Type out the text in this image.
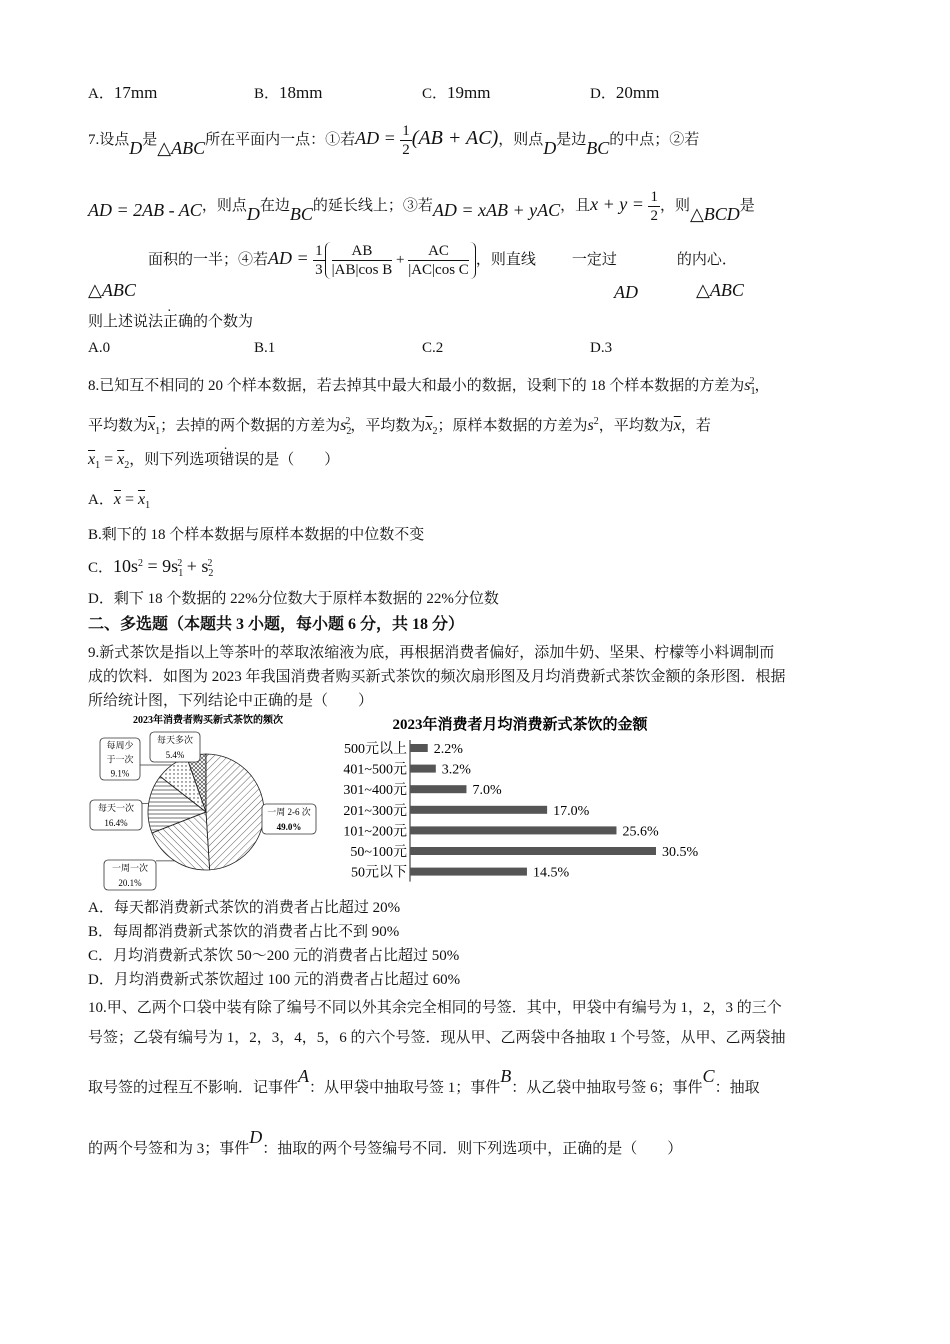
A．17mm	B．18mm	C．19mm	D．20mm
7.设点D是△ABC所在平面内一点：①若AD = $\frac{1}{2} (AB + AC)$，则点D是边BC的中点；②若
AD = 2AB - AC，则点D在边BC的延长线上；③若AD = xAB + yAC，且$x + y = \frac{1}{2}$ ，则△BCD是
面积的一半；④若AD = $\frac{1}{3} \frac{AB}{\text{|AB|cos B}} + \frac{AC}{\text{|AC|cos C}}$ ，则直线 一定过	的内心．
△ABC	AD	△ABC
则上述说法正确的个数为
A.0	B.1	C.2	D.3
8.已知互不相同的 20 个样本数据，若去掉其中最大和最小的数据，设剩下的 18 个样本数据的方差为$s_1^2$，
平均数为$\overline{x}_1$；去掉的两个数据的方差为$s_2^2$，平均数为$\overline{x}_2$；原样本数据的方差为$s^2$，平均数为$\overline{x}$，若
$\overline{x}_1 = \overline{x}_2$，则下列选项错误的是（　　）
A．$\overline{x} = \overline{x}_1$
B.剩下的 18 个样本数据与原样本数据的中位数不变
C．$10s^2 = 9s_1^2 + s_2^2$
D．剩下 18 个数据的 22%分位数大于原样本数据的 22%分位数
二、多选题（本题共 3 小题，每小题 6 分，共 18 分）
9.新式茶饮是指以上等茶叶的萃取浓缩液为底，再根据消费者偏好，添加牛奶、坚果、柠檬等小料调制而
成的饮料．如图为 2023 年我国消费者购买新式茶饮的频次扇形图及月均消费新式茶饮金额的条形图．根据
所给统计图，下列结论中正确的是（　　）
2023年消费者购买新式茶饮的频次
一周 2-6 次
49.0%
一周一次
20.1%
每天一次
16.4%
每周少
于一次
9.1%
每天多次
5.4%
2023年消费者月均消费新式茶饮的金额
500元以上 2.2%
401~500元 3.2%
301~400元	7.0%
201~300元	17.0%
101~200元	25.6%
50~100元	30.5%
50元以下	14.5%
A．每天都消费新式茶饮的消费者占比超过 20%
B．每周都消费新式茶饮的消费者占比不到 90%
C．月均消费新式茶饮 50～200 元的消费者占比超过 50%
D．月均消费新式茶饮超过 100 元的消费者占比超过 60%
10.甲、乙两个口袋中装有除了编号不同以外其余完全相同的号签．其中，甲袋中有编号为 1，2，3 的三个
号签；乙袋有编号为 1，2，3，4，5，6 的六个号签．现从甲、乙两袋中各抽取 1 个号签，从甲、乙两袋抽
取号签的过程互不影响．记事件A：从甲袋中抽取号签 1；事件B：从乙袋中抽取号签 6；事件C：抽取
的两个号签和为 3；事件D：抽取的两个号签编号不同．则下列选项中，正确的是（　　）
